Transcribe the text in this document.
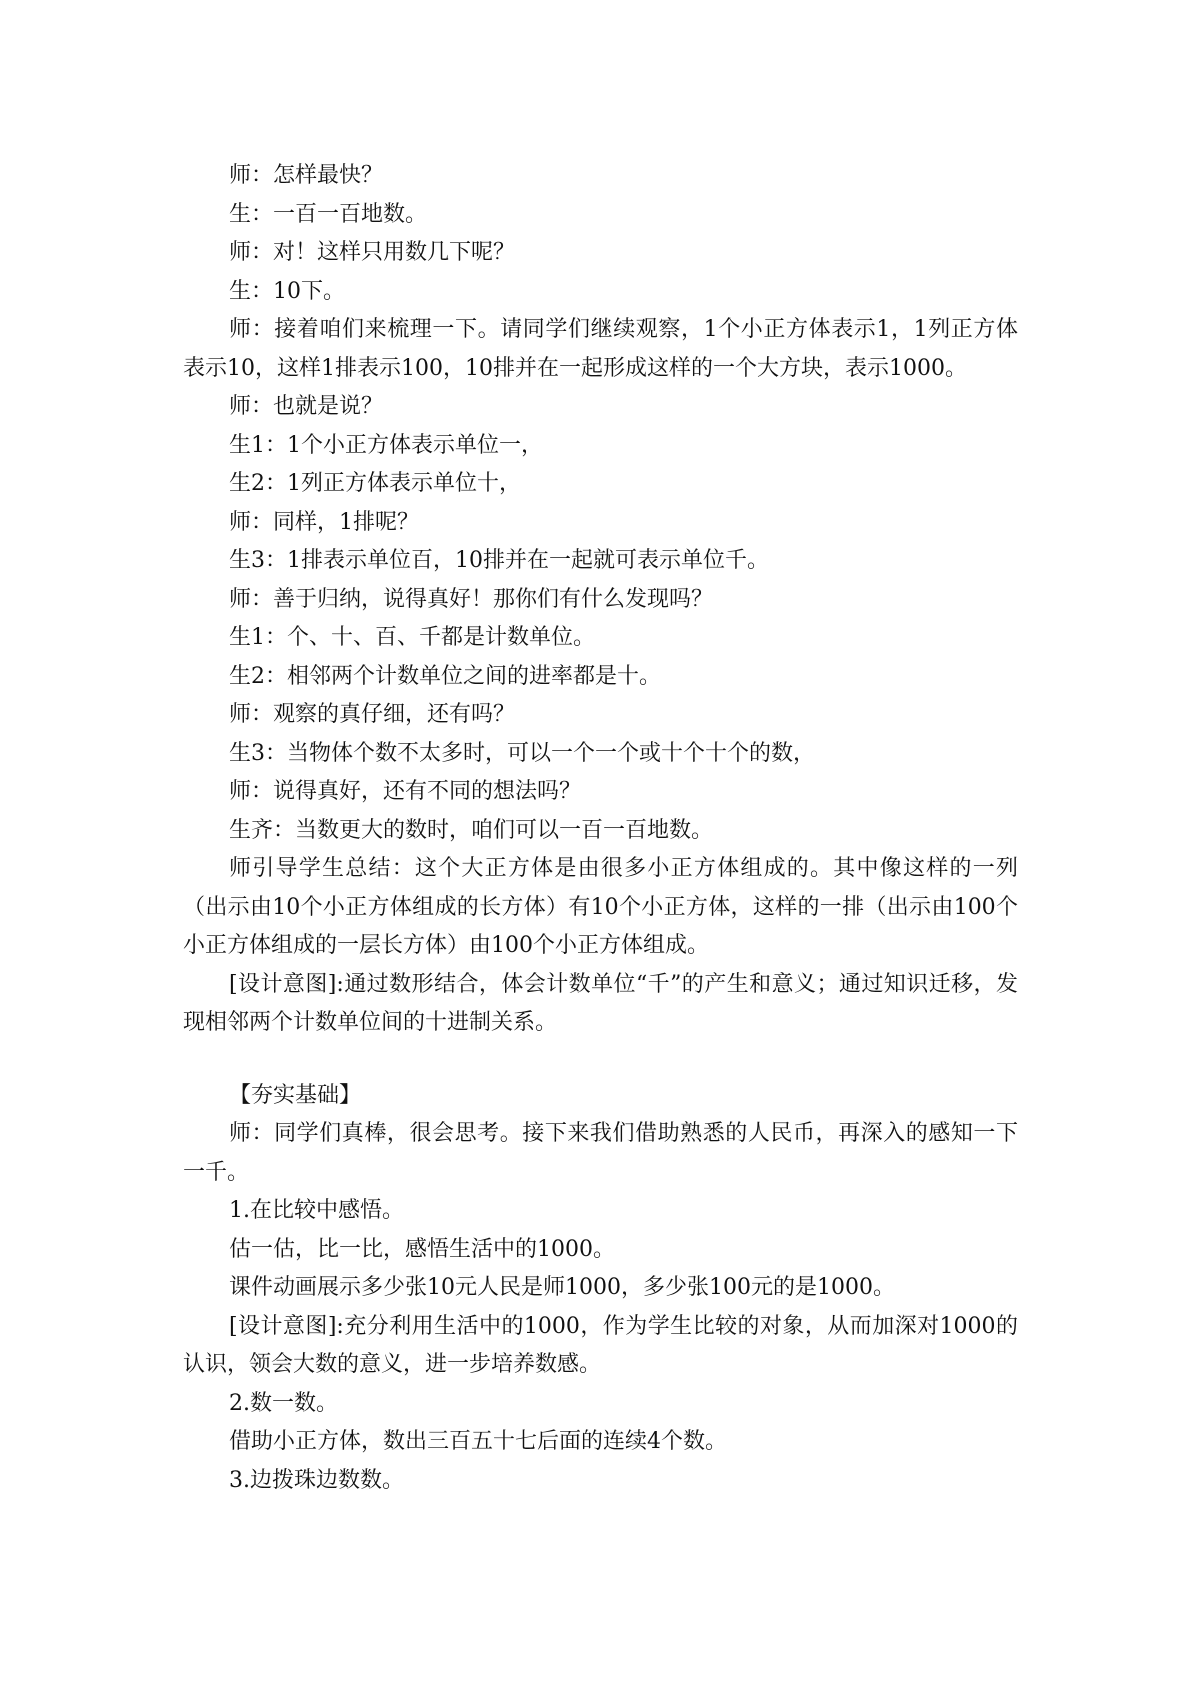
师：怎样最快？

生：一百一百地数。

师：对！这样只用数几下呢？

生：10下。

师：接着咱们来梳理一下。请同学们继续观察，1个小正方体表示1，1列正方体表示10，这样1排表示100，10排并在一起形成这样的一个大方块，表示1000。

师：也就是说？

生1：1个小正方体表示单位一，

生2：1列正方体表示单位十，

师：同样，1排呢？

生3：1排表示单位百，10排并在一起就可表示单位千。

师：善于归纳，说得真好！那你们有什么发现吗？

生1：个、十、百、千都是计数单位。

生2：相邻两个计数单位之间的进率都是十。

师：观察的真仔细，还有吗？

生3：当物体个数不太多时，可以一个一个或十个十个的数，

师：说得真好，还有不同的想法吗？

生齐：当数更大的数时，咱们可以一百一百地数。

师引导学生总结：这个大正方体是由很多小正方体组成的。其中像这样的一列（出示由10个小正方体组成的长方体）有10个小正方体，这样的一排（出示由100个小正方体组成的一层长方体）由100个小正方体组成。

[设计意图]:通过数形结合，体会计数单位“千”的产生和意义；通过知识迁移，发现相邻两个计数单位间的十进制关系。

【夯实基础】

师：同学们真棒，很会思考。接下来我们借助熟悉的人民币，再深入的感知一下一千。

1.在比较中感悟。

估一估，比一比，感悟生活中的1000。

课件动画展示多少张10元人民是师1000，多少张100元的是1000。

[设计意图]:充分利用生活中的1000，作为学生比较的对象，从而加深对1000的认识，领会大数的意义，进一步培养数感。

2.数一数。

借助小正方体，数出三百五十七后面的连续4个数。

3.边拨珠边数数。
